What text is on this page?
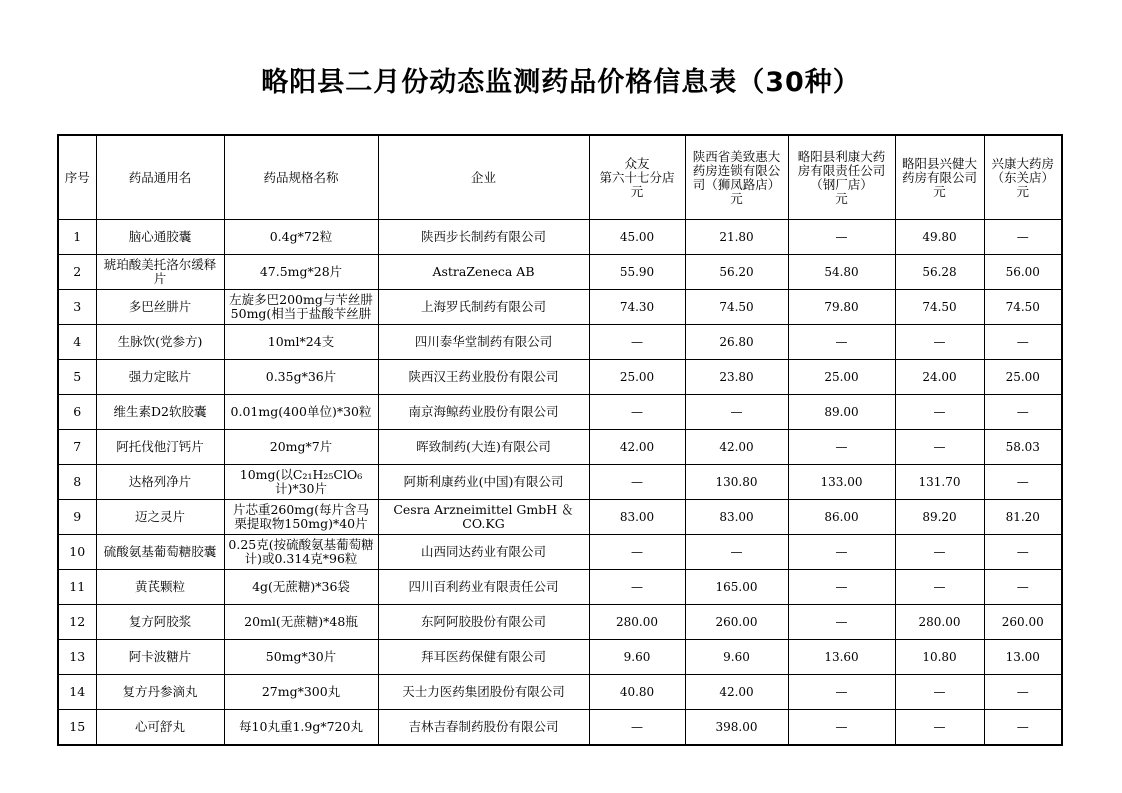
略阳县二月份动态监测药品价格信息表（30种）
序号	药品通用名	药品规格名称	企业	众友
第六十七分店
元	陕西省美致惠大
药房连锁有限公
司（狮凤路店）
元	略阳县利康大药
房有限责任公司
（钢厂店）
元	略阳县兴健大
药房有限公司
元	兴康大药房
（东关店）
元

1	脑心通胶囊	0.4g*72粒	陕西步长制药有限公司	45.00	21.80	—	49.80	—
2	琥珀酸美托洛尔缓释片	47.5mg*28片	AstraZeneca AB	55.90	56.20	54.80	56.28	56.00
3	多巴丝肼片	左旋多巴200mg与苄丝肼50mg(相当于盐酸苄丝肼	上海罗氏制药有限公司	74.30	74.50	79.80	74.50	74.50
4	生脉饮(党参方)	10ml*24支	四川泰华堂制药有限公司	—	26.80	—	—	—
5	强力定眩片	0.35g*36片	陕西汉王药业股份有限公司	25.00	23.80	25.00	24.00	25.00
6	维生素D2软胶囊	0.01mg(400单位)*30粒	南京海鲸药业股份有限公司	—	—	89.00	—	—
7	阿托伐他汀钙片	20mg*7片	晖致制药(大连)有限公司	42.00	42.00	—	—	58.03
8	达格列净片	10mg(以C₂₁H₂₅ClO₆计)*30片	阿斯利康药业(中国)有限公司	—	130.80	133.00	131.70	—
9	迈之灵片	片芯重260mg(每片含马栗提取物150mg)*40片	Cesra Arzneimittel GmbH ＆CO.KG	83.00	83.00	86.00	89.20	81.20
10	硫酸氨基葡萄糖胶囊	0.25克(按硫酸氨基葡萄糖计)或0.314克*96粒	山西同达药业有限公司	—	—	—	—	—
11	黄芪颗粒	4g(无蔗糖)*36袋	四川百利药业有限责任公司	—	165.00	—	—	—
12	复方阿胶浆	20ml(无蔗糖)*48瓶	东阿阿胶股份有限公司	280.00	260.00	—	280.00	260.00
13	阿卡波糖片	50mg*30片	拜耳医药保健有限公司	9.60	9.60	13.60	10.80	13.00
14	复方丹参滴丸	27mg*300丸	天士力医药集团股份有限公司	40.80	42.00	—	—	—
15	心可舒丸	每10丸重1.9g*720丸	吉林吉春制药股份有限公司	—	398.00	—	—	—
